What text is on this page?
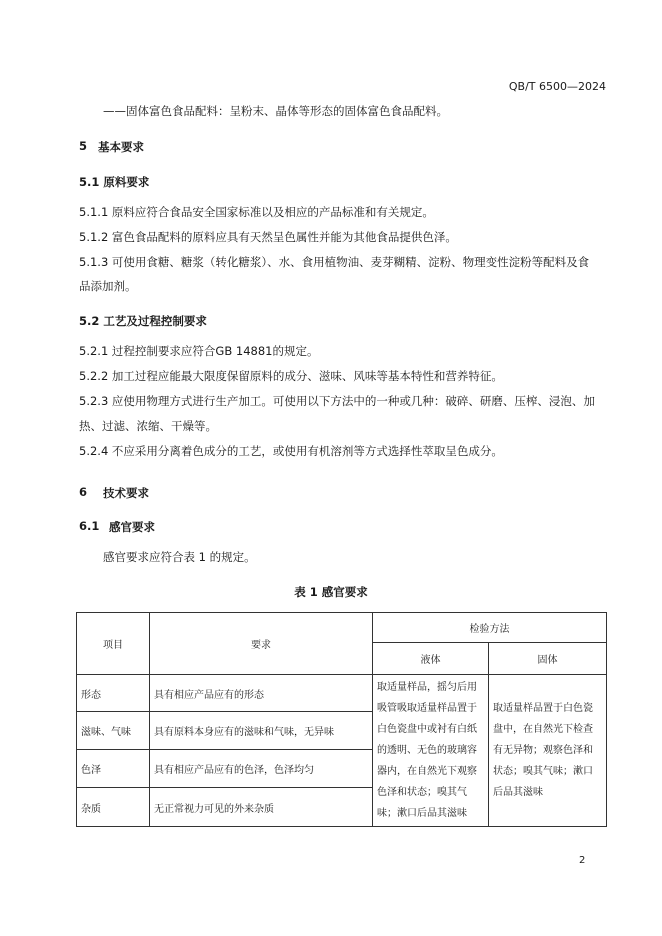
QB/T 6500—2024
——固体富色食品配料：呈粉末、晶体等形态的固体富色食品配料。
5 基本要求
5.1 原料要求
5.1.1 原料应符合食品安全国家标准以及相应的产品标准和有关规定。
5.1.2 富色食品配料的原料应具有天然呈色属性并能为其他食品提供色泽。
5.1.3 可使用食糖、糖浆（转化糖浆）、水、食用植物油、麦芽糊精、淀粉、物理变性淀粉等配料及食
品添加剂。
5.2 工艺及过程控制要求
5.2.1 过程控制要求应符合GB 14881的规定。
5.2.2 加工过程应能最大限度保留原料的成分、滋味、风味等基本特性和营养特征。
5.2.3 应使用物理方式进行生产加工。可使用以下方法中的一种或几种：破碎、研磨、压榨、浸泡、加
热、过滤、浓缩、干燥等。
5.2.4 不应采用分离着色成分的工艺，或使用有机溶剂等方式选择性萃取呈色成分。
6 技术要求
6.1 感官要求
感官要求应符合表 1 的规定。
表 1 感官要求
项目	要求	检验方法	
		液体	固体
形态	具有相应产品应有的形态	取适量样品，摇匀后用吸管吸取适量样品置于白色瓷盘中或衬有白纸的透明、无色的玻璃容器内，在自然光下观察色泽和状态；嗅其气味；漱口后品其滋味	取适量样品置于白色瓷盘中，在自然光下检查有无异物；观察色泽和状态；嗅其气味；漱口后品其滋味
滋味、气味	具有原料本身应有的滋味和气味，无异味		
色泽	具有相应产品应有的色泽，色泽均匀		
杂质	无正常视力可见的外来杂质		
2
